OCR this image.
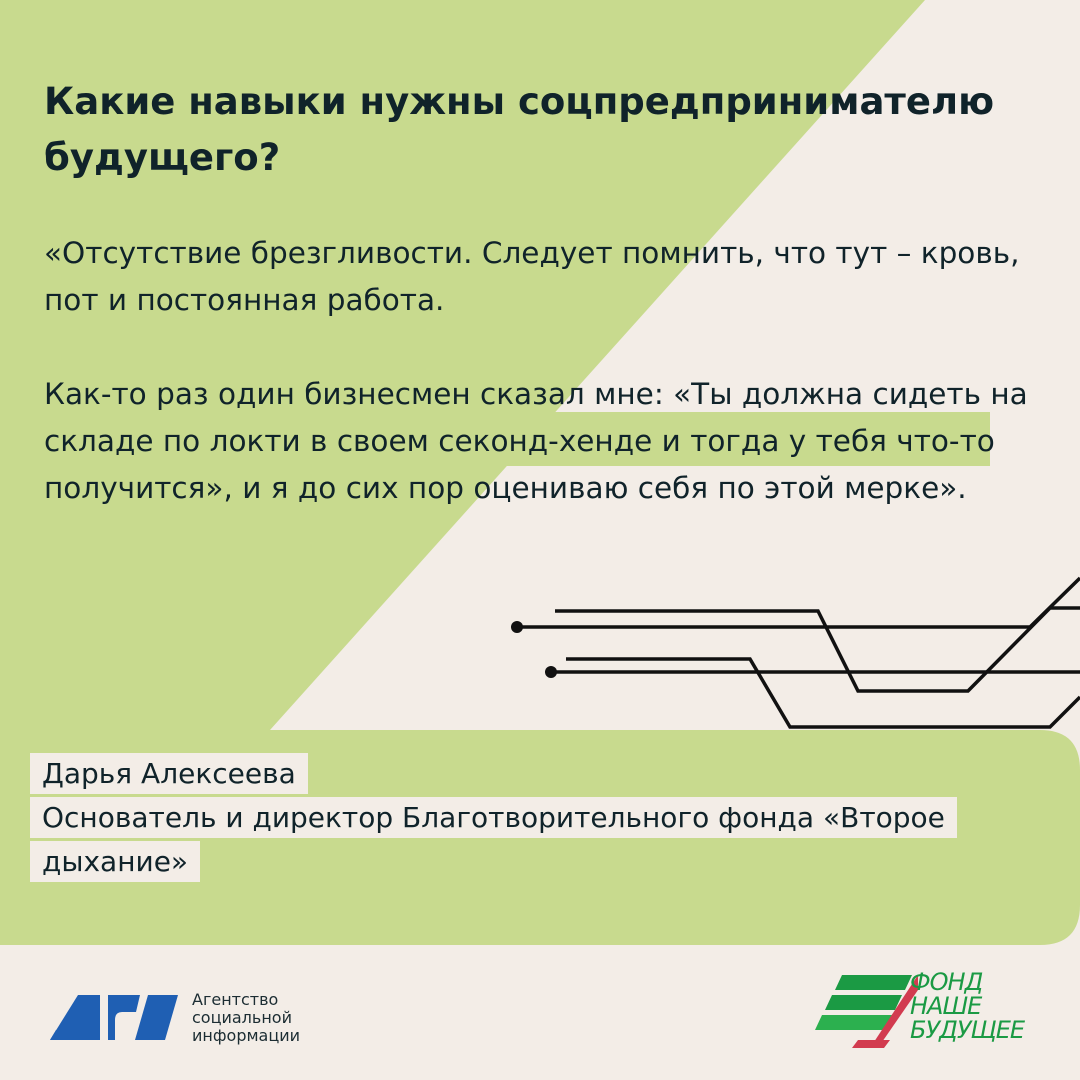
Какие навыки нужны соцпредпринимателю будущего?

«Отсутствие брезгливости. Следует помнить, что тут – кровь, пот и постоянная работа.

Как-то раз один бизнесмен сказал мне: «Ты должна сидеть на складе по локти в своем секонд-хенде и тогда у тебя что-то получится», и я до сих пор оцениваю себя по этой мерке».

Дарья Алексеева

Основатель и директор Благотворительного фонда «Второе дыхание»

Агентство
социальной
информации
ФОНД
НАШЕ
БУДУЩЕЕ
